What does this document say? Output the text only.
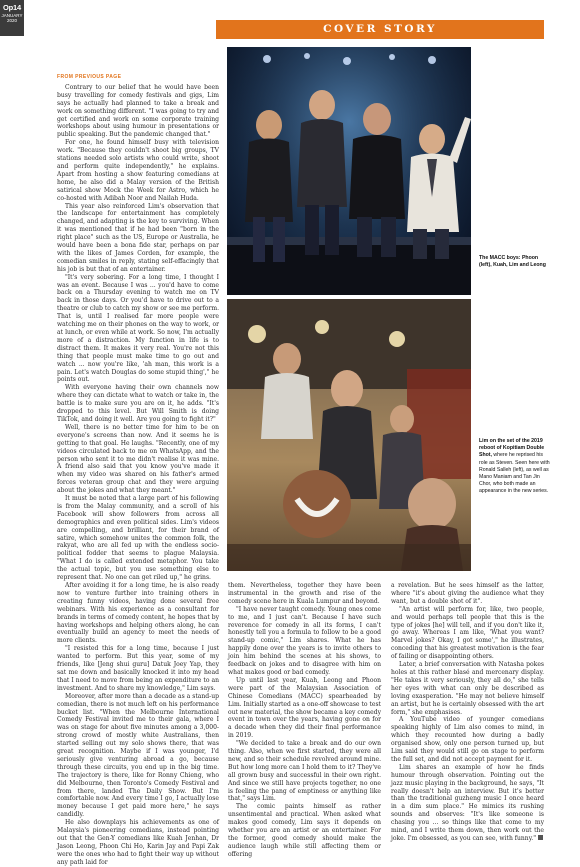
Op14
JANUARY
2020
COVER STORY

FROM PREVIOUS PAGE

Contrary to our belief that he would have been busy travelling for comedy festivals and gigs, Lim says he actually had planned to take a break and work on something different. "I was going to try and get certified and work on some corporate training workshops about using humour in presentations or public speaking. But the pandemic changed that."

For one, he found himself busy with television work. "Because they couldn't shoot big groups, TV stations needed solo artists who could write, shoot and perform quite independently," he explains. Apart from hosting a show featuring comedians at home, he also did a Malay version of the British satirical show Mock the Week for Astro, which he co-hosted with Adibah Noor and Nailah Huda.

This year also reinforced Lim's observation that the landscape for entertainment has completely changed, and adapting is the key to surviving. When it was mentioned that if he had been "born in the right place" such as the US, Europe or Australia, he would have been a bona fide star, perhaps on par with the likes of James Corden, for example, the comedian smiles in reply, stating self-effacingly that his job is but that of an entertainer.

"It's very sobering. For a long time, I thought I was an event. Because I was ... you'd have to come back on a Thursday evening to watch me on TV back in those days. Or you'd have to drive out to a theatre or club to catch my show or see me perform. That is, until I realised far more people were watching me on their phones on the way to work, or at lunch, or even while at work. So now, I'm actually more of a distraction. My function in life is to distract them. It makes it very real. You're not this thing that people must make time to go out and watch ... now you're like, 'ah man, this work is a pain. Let's watch Douglas do some stupid thing'," he points out.

With everyone having their own channels now where they can dictate what to watch or take in, the battle is to make sure you are on it, he adds. "It's dropped to this level. But Will Smith is doing TikTok, and doing it well. Are you going to fight it?"

Well, there is no better time for him to be on everyone's screens than now. And it seems he is getting to that goal. He laughs. "Recently, one of my videos circulated back to me on WhatsApp, and the person who sent it to me didn't realise it was mine. A friend also said that you know you've made it when my video was shared on his father's armed forces veteran group chat and they were arguing about the jokes and what they meant."

It must be noted that a large part of his following is from the Malay community, and a scroll of his Facebook will show followers from across all demographics and even political sides. Lim's videos are compelling, and brilliant, for their brand of satire, which somehow unites the common folk, the rakyat, who are all fed up with the endless socio-political fodder that seems to plague Malaysia. "What I do is called extended metaphor. You take the actual topic, but you use something else to represent that. No one can get riled up," he grins.

After avoiding it for a long time, he is also ready now to venture further into training others in creating funny videos, having done several free webinars. With his experience as a consultant for brands in terms of comedy content, he hopes that by having workshops and helping others along, he can eventually build an agency to meet the needs of more clients.

"I resisted this for a long time, because I just wanted to perform. But this year, some of my friends, like [Jeng shui guru] Datuk Joey Yap, they sat me down and basically knocked it into my head that I need to move from being an expenditure to an investment. And to share my knowledge," Lim says.

Moreover, after more than a decade as a stand-up comedian, there is not much left on his performance bucket list. "When the Melbourne International Comedy Festival invited me to their gala, where I was on stage for about five minutes among a 3,000-strong crowd of mostly white Australians, then started selling out my solo shows there, that was great recognition. Maybe if I was younger, I'd seriously give venturing abroad a go, because through these circuits, you end up in the big time. The trajectory is there, like for Ronny Chieng, who did Melbourne, then Toronto's Comedy Festival and from there, landed The Daily Show. But I'm comfortable now. And every time I go, I actually lose money because I get paid more here," he says candidly.

He also downplays his achievements as one of Malaysia's pioneering comedians, instead pointing out that the Gen-Y comedians like Kuah Jenhan, Dr Jason Leong, Phoon Chi Ho, Karin Jay and Papi Zak were the ones who had to fight their way up without any path laid for

The MACC boys: Phoon (left), Kuah, Lim and Leong
Lim on the set of the 2019 reboot of Kopitiam Double Shot, where he reprised his role as Steven. Seen here with Ronald Salleh (left), as well as Mano Maniam and Tan Jin Chor, who both made an appearance in the new series.

them. Nevertheless, together they have been instrumental in the growth and rise of the comedy scene here in Kuala Lumpur and beyond.

"I have never taught comedy. Young ones come to me, and I just can't. Because I have such reverence for comedy in all its forms, I can't honestly tell you a formula to follow to be a good stand-up comic," Lim shares. What he has happily done over the years is to invite others to join him behind the scenes at his shows, to feedback on jokes and to disagree with him on what makes good or bad comedy.

Up until last year, Kuah, Leong and Phoon were part of the Malaysian Association of Chinese Comedians (MACC) spearheaded by Lim. Initially started as a one-off showcase to test out new material, the show became a key comedy event in town over the years, having gone on for a decade when they did their final performance in 2019.

"We decided to take a break and do our own thing. Also, when we first started, they were all new, and so their schedule revolved around mine. But how long more can I hold them to it? They've all grown busy and successful in their own right. And since we still have projects together, no one is feeling the pang of emptiness or anything like that," says Lim.

The comic paints himself as rather unsentimental and practical. When asked what makes good comedy, Lim says it depends on whether you are an artist or an entertainer. For the former, good comedy should make the audience laugh while still affecting them or offering

a revelation. But he sees himself as the latter, where "it's about giving the audience what they want, but a double shot of it".

"An artist will perform for, like, two people, and would perhaps tell people that this is the type of jokes [he] will tell, and if you don't like it, go away. Whereas I am like, 'What you want? Marvel jokes? Okay, I got some'," he illustrates, conceding that his greatest motivation is the fear of failing or disappointing others.

Later, a brief conversation with Natasha pokes holes at this rather blasé and mercenary display. "He takes it very seriously, they all do," she tells her eyes with what can only be described as loving exasperation. "He may not believe himself an artist, but he is certainly obsessed with the art form," she emphasises.

A YouTube video of younger comedians speaking highly of Lim also comes to mind, in which they recounted how during a badly organised show, only one person turned up, but Lim said they would still go on stage to perform the full set, and did not accept payment for it.

Lim shares an example of how he finds humour through observation. Pointing out the jazz music playing in the background, he says, "It really doesn't help an interview. But it's better than the traditional guzheng music I once heard in a dim sum place." He mimics its rushing sounds and observes: "It's like someone is chasing you ... so things like that come to my mind, and I write them down, then work out the joke. I'm obsessed, as you can see, with funny."
